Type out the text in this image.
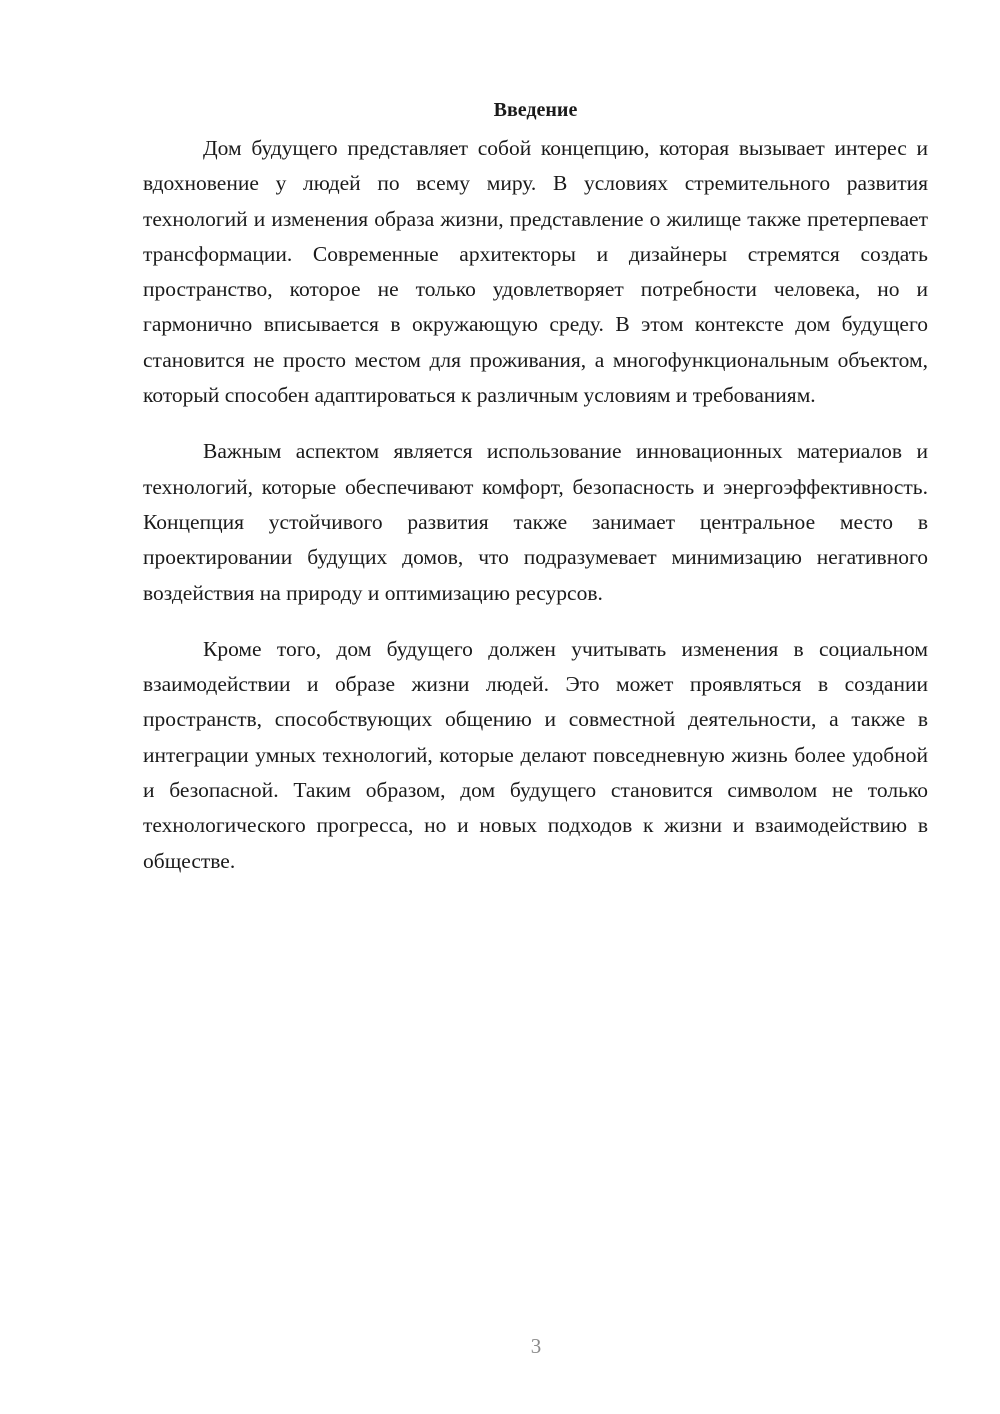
Введение

Дом будущего представляет собой концепцию, которая вызывает интерес и вдохновение у людей по всему миру. В условиях стремительного развития технологий и изменения образа жизни, представление о жилище также претерпевает трансформации. Современные архитекторы и дизайнеры стремятся создать пространство, которое не только удовлетворяет потребности человека, но и гармонично вписывается в окружающую среду. В этом контексте дом будущего становится не просто местом для проживания, а многофункциональным объектом, который способен адаптироваться к различным условиям и требованиям.

Важным аспектом является использование инновационных материалов и технологий, которые обеспечивают комфорт, безопасность и энергоэффективность. Концепция устойчивого развития также занимает центральное место в проектировании будущих домов, что подразумевает минимизацию негативного воздействия на природу и оптимизацию ресурсов.

Кроме того, дом будущего должен учитывать изменения в социальном взаимодействии и образе жизни людей. Это может проявляться в создании пространств, способствующих общению и совместной деятельности, а также в интеграции умных технологий, которые делают повседневную жизнь более удобной и безопасной. Таким образом, дом будущего становится символом не только технологического прогресса, но и новых подходов к жизни и взаимодействию в обществе.

3
